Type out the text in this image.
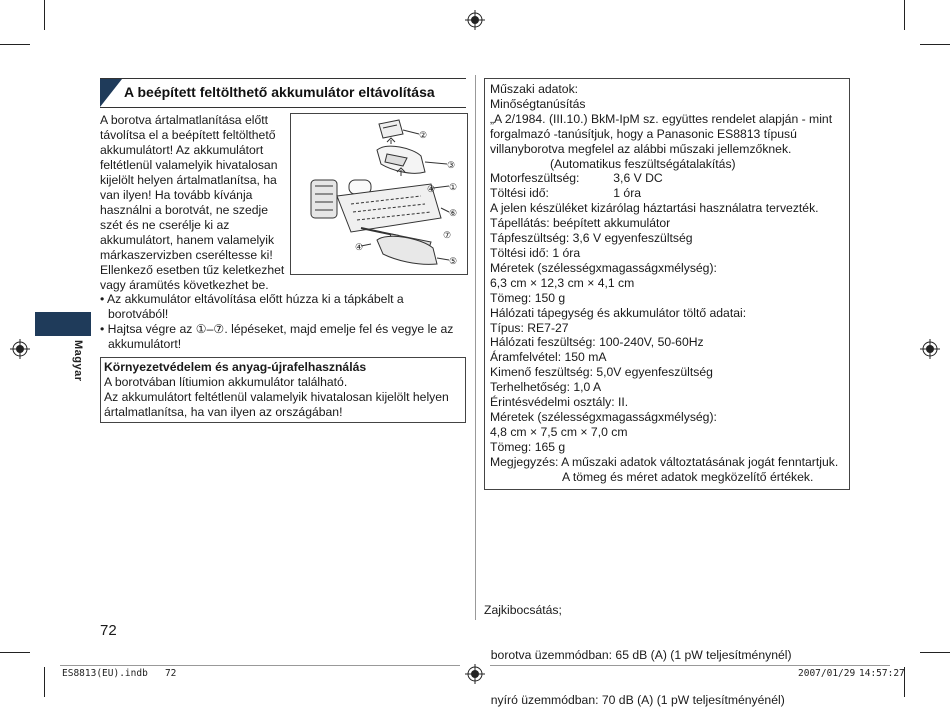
A beépített feltölthető akkumulátor eltávolítása
A borotva ártalmatlanítása előtt
távolítsa el a beépített feltölthető
akkumulátort! Az akkumulátort
feltétlenül valamelyik hivatalosan
kijelölt helyen ártalmatlanítsa, ha
van ilyen! Ha tovább kívánja
használni a borotvát, ne szedje
szét és ne cserélje ki az
akkumulátort, hanem valamelyik
márkaszervizben cseréltesse ki!
Ellenkező esetben tűz keletkezhet
vagy áramütés következhet be.
②
③
④ ①
⑥
⑦
④
⑤
• Az akkumulátor eltávolítása előtt húzza ki a tápkábelt a
borotvából!
• Hajtsa végre az ①–⑦. lépéseket, majd emelje fel és vegye le az
akkumulátort!
Magyar Környezetvédelem és anyag-újrafelhasználás
A borotvában lítiumion akkumulátor található.
Az akkumulátort feltétlenül valamelyik hivatalosan kijelölt helyen
ártalmatlanítsa, ha van ilyen az országában!
Műszaki adatok:
Minőségtanúsítás
„A 2/1984. (III.10.) BkM-IpM sz. együttes rendelet alapján - mint
forgalmazó -tanúsítjuk, hogy a Panasonic ES8813 típusú
villanyborotva megfelel az alábbi műszaki jellemzőknek.
(Automatikus feszültségátalakítás)
Motorfeszültség:          3,6 V DC
Töltési idő:                   1 óra
A jelen készüléket kizárólag háztartási használatra tervezték.
Tápellátás: beépített akkumulátor
Tápfeszültség: 3,6 V egyenfeszültség
Töltési idő: 1 óra
Méretek (szélességxmagasságxmélység):
6,3 cm × 12,3 cm × 4,1 cm
Tömeg: 150 g
Hálózati tápegység és akkumulátor töltő adatai:
Típus: RE7-27
Hálózati feszültség: 100-240V, 50-60Hz
Áramfelvétel: 150 mA
Kimenő feszültség: 5,0V egyenfeszültség
Terhelhetőség: 1,0 A
Érintésvédelmi osztály: II.
Méretek (szélességxmagasságxmélység):
4,8 cm × 7,5 cm × 7,0 cm
Tömeg: 165 g
Megjegyzés: A műszaki adatok változtatásának jogát fenntartjuk.
A tömeg és méret adatok megközelítő értékek.

Zajkibocsátás;

borotva üzemmódban: 65 dB (A) (1 pW teljesítménynél)

nyíró üzemmódban: 70 dB (A) (1 pW teljesítményénél)

72
ES8813(EU).indb   72	2007/01/29 14:57:27
